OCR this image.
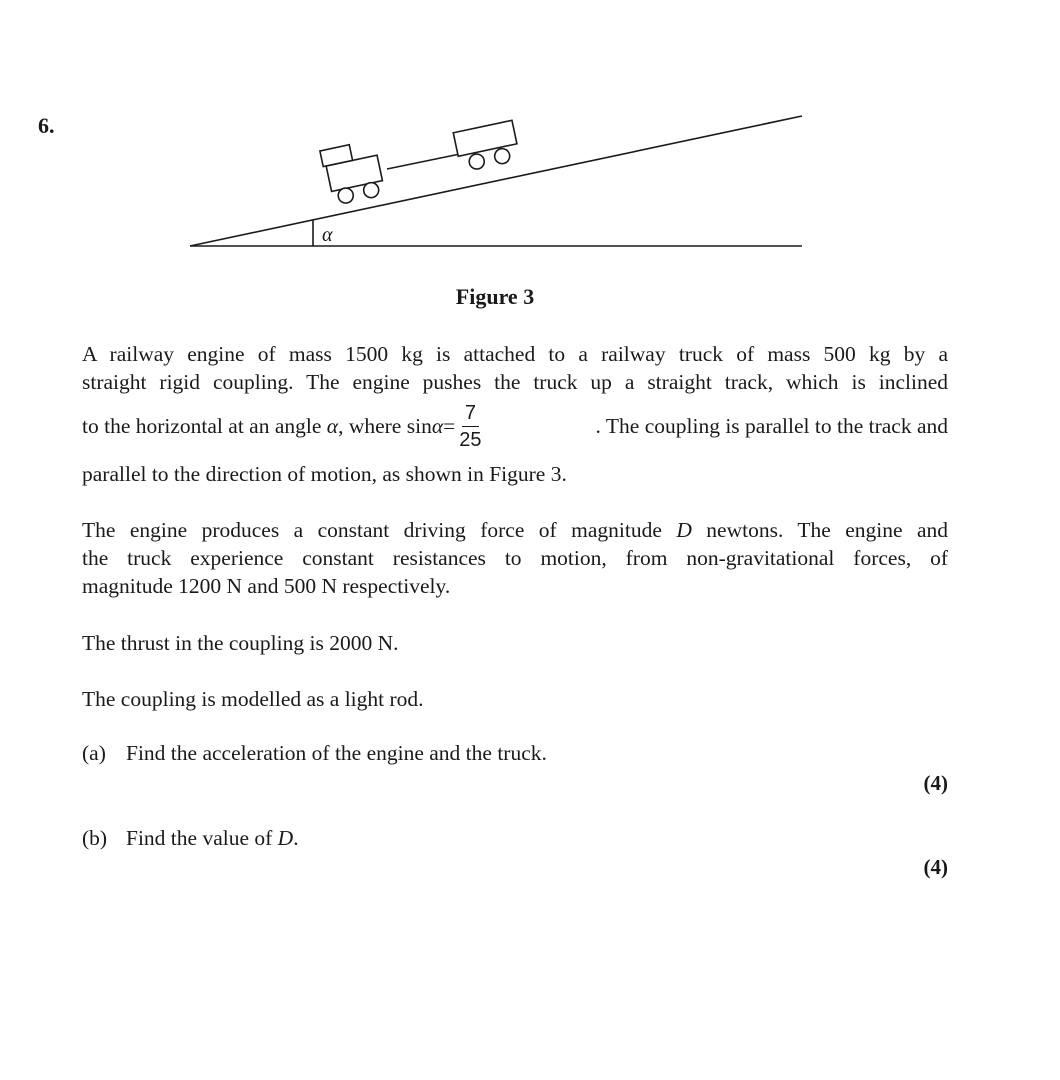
6.
α
Figure 3
A railway engine of mass 1500 kg is attached to a railway truck of mass 500 kg by a
straight rigid coupling. The engine pushes the truck up a straight track, which is inclined
to the horizontal at an angle
α , where $\sin \alpha = \frac{7}{25}$	. The coupling is parallel to the track and
parallel to the direction of motion, as shown in Figure 3.
The engine produces a constant driving force of magnitude D newtons. The engine and
the truck experience constant resistances to motion, from non-gravitational forces, of
magnitude 1200 N and 500 N respectively.
The thrust in the coupling is 2000 N.
The coupling is modelled as a light rod.
(a) Find the acceleration of the engine and the truck.
(4)
(b) Find the value of D.
(4)
